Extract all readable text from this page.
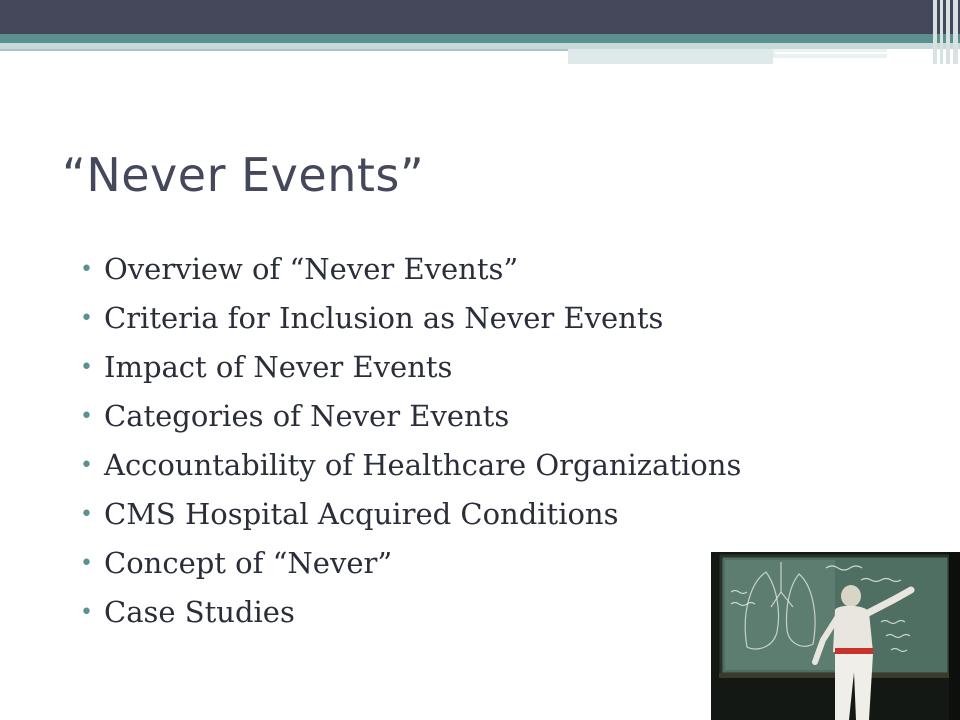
“Never Events”
• Overview of “Never Events”
• Criteria for Inclusion as Never Events
• Impact of Never Events
• Categories of Never Events
• Accountability of Healthcare Organizations
• CMS Hospital Acquired Conditions
• Concept of “Never”
• Case Studies
